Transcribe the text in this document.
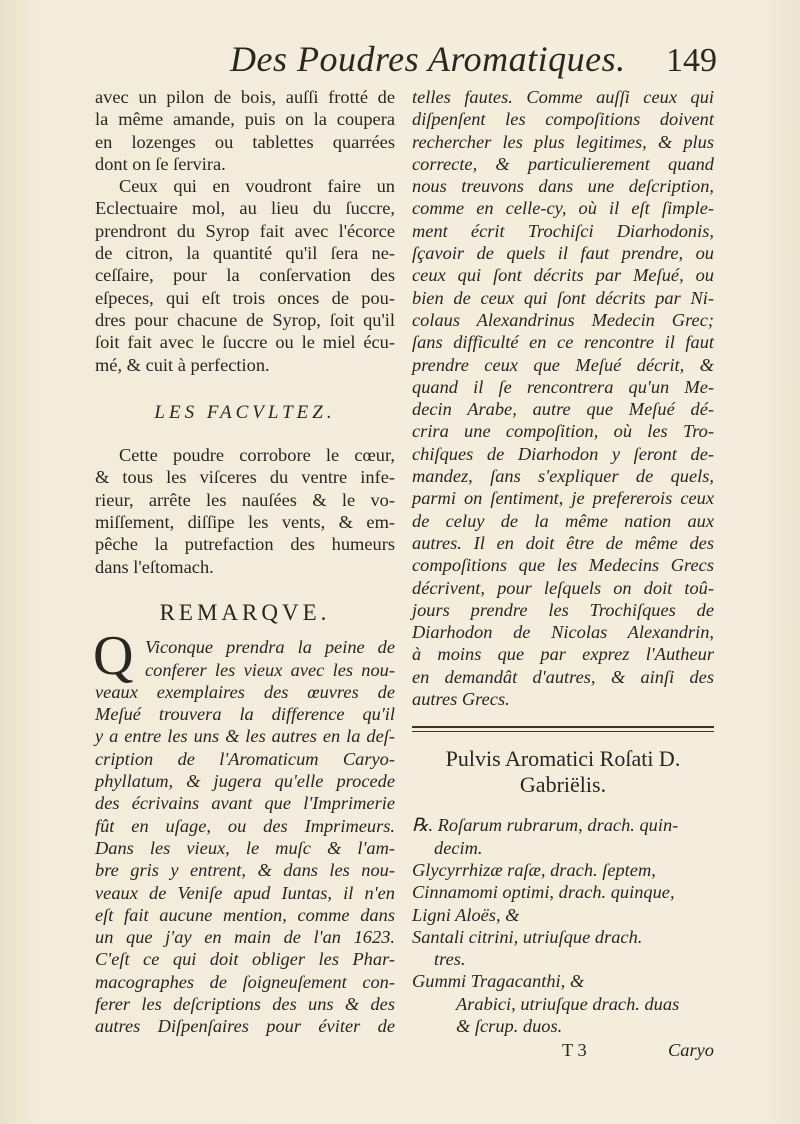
Des Poudres Aromatiques. 149
avec un pilon de bois, auſſi frotté de
la même amande, puis on la coupera
en lozenges ou tablettes quarrées
dont on ſe ſervira.
Ceux qui en voudront faire un
Eclectuaire mol, au lieu du ſuccre,
prendront du Syrop fait avec l'écorce
de citron, la quantité qu'il ſera ne-
ceſſaire, pour la conſervation des
eſpeces, qui eſt trois onces de pou-
dres pour chacune de Syrop, ſoit qu'il
ſoit fait avec le ſuccre ou le miel écu-
mé, & cuit à perfection.
LES FACVLTEZ.
Cette poudre corrobore le cœur,
& tous les viſceres du ventre infe-
rieur, arrête les nauſées & le vo-
miſſement, diſſipe les vents, & em-
pêche la putrefaction des humeurs
dans l'eſtomach.
REMARQVE.
Q Viconque prendra la peine de
conferer les vieux avec les nou-
veaux exemplaires des œuvres de
Meſué trouvera la difference qu'il
y a entre les uns & les autres en la deſ-
cription de l'Aromaticum Caryo-
phyllatum, & jugera qu'elle procede
des écrivains avant que l'Imprimerie
fût en uſage, ou des Imprimeurs.
Dans les vieux, le muſc & l'am-
bre gris y entrent, & dans les nou-
veaux de Veniſe apud Iuntas, il n'en
eſt fait aucune mention, comme dans
un que j'ay en main de l'an 1623.
C'eſt ce qui doit obliger les Phar-
macographes de ſoigneuſement con-
ferer les deſcriptions des uns & des
autres Diſpenſaires pour éviter de
telles fautes. Comme auſſi ceux qui
diſpenſent les compoſitions doivent
rechercher les plus legitimes, & plus
correcte, & particulierement quand
nous treuvons dans une deſcription,
comme en celle-cy, où il eſt ſimple-
ment écrit Trochiſci Diarhodonis,
ſçavoir de quels il faut prendre, ou
ceux qui ſont décrits par Meſué, ou
bien de ceux qui ſont décrits par Ni-
colaus Alexandrinus Medecin Grec;
ſans difficulté en ce rencontre il faut
prendre ceux que Meſué décrit, &
quand il ſe rencontrera qu'un Me-
decin Arabe, autre que Meſué dé-
crira une compoſition, où les Tro-
chiſques de Diarhodon y ſeront de-
mandez, ſans s'expliquer de quels,
parmi on ſentiment, je prefererois ceux
de celuy de la même nation aux
autres. Il en doit être de même des
compoſitions que les Medecins Grecs
décrivent, pour leſquels on doit toû-
jours prendre les Trochiſques de
Diarhodon de Nicolas Alexandrin,
à moins que par exprez l'Autheur
en demandât d'autres, & ainſi des
autres Grecs.
Pulvis Aromatici Roſati D.
Gabriëlis.
℞. Roſarum rubrarum, drach. quin-
decim.
Glycyrrhizæ raſæ, drach. ſeptem,
Cinnamomi optimi, drach. quinque,
Ligni Aloës, &
Santali citrini, utriuſque drach.
tres.
Gummi Tragacanthi, &
Arabici, utriuſque drach. duas
& ſcrup. duos.
T 3	Caryo
